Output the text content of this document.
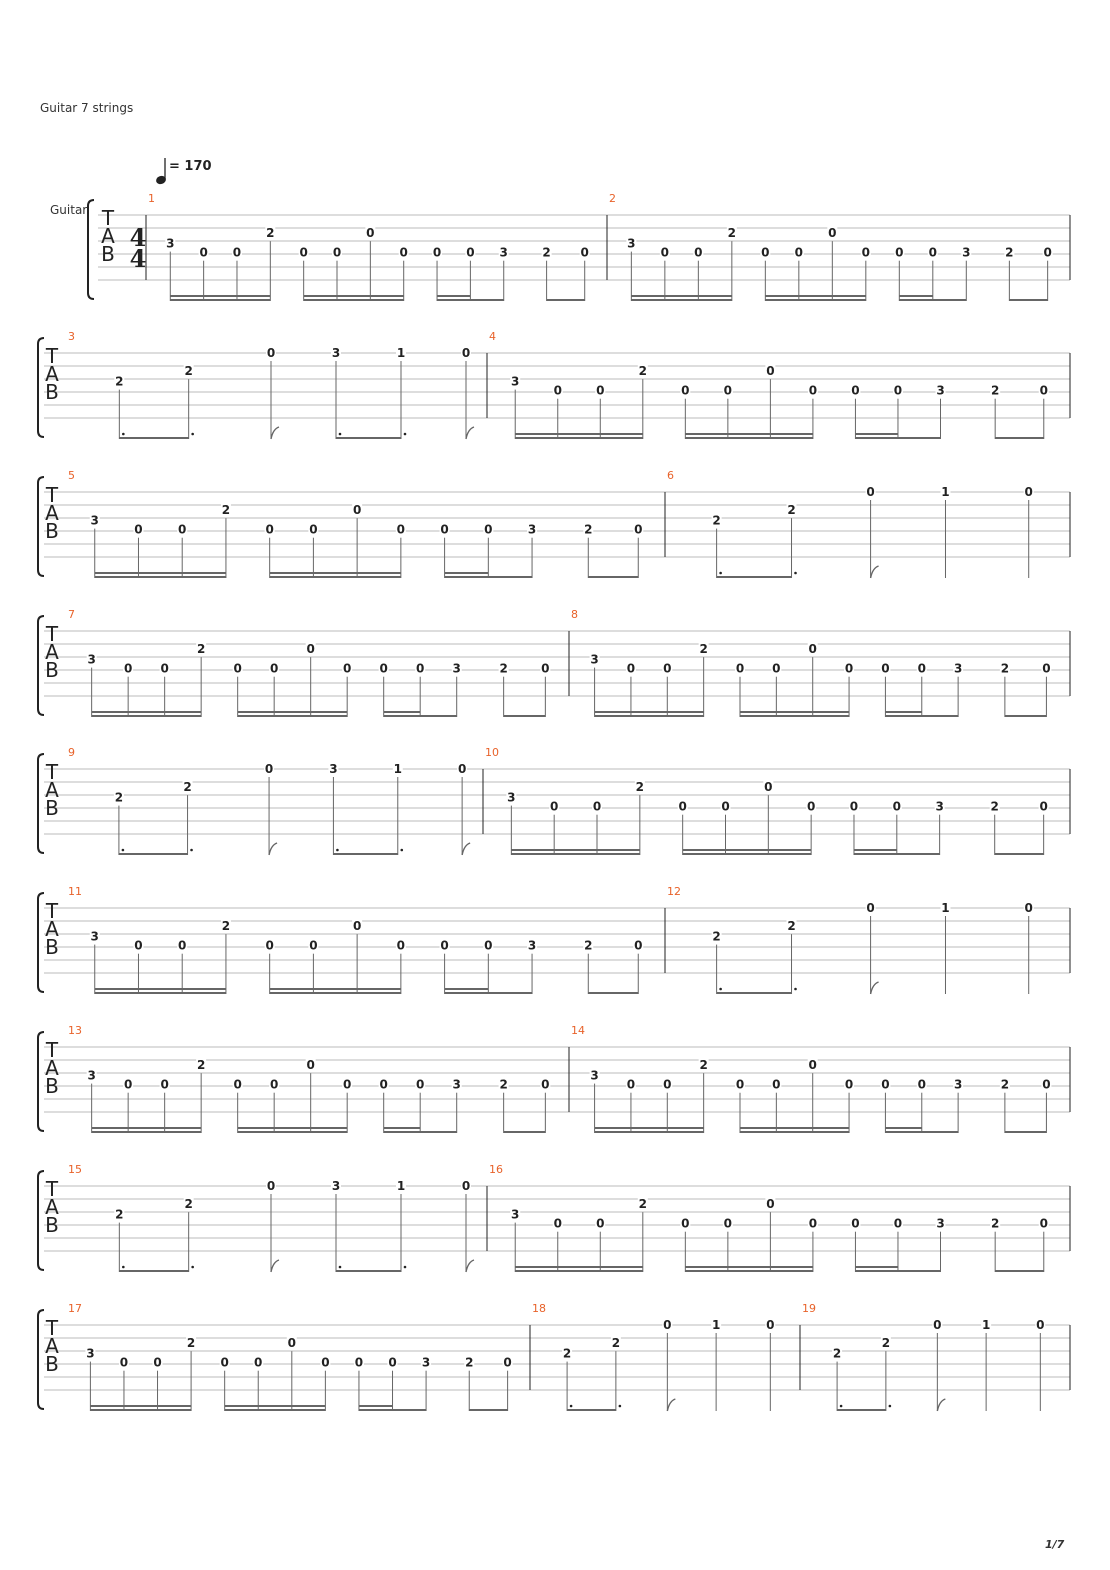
Guitar 7 strings
T
A
B
4
4
Guitar
= 170
1
3
0 0
2
0 0
0
0 0 0 3	2 0
2
3
0 0
2
0 0
0
0 0 0 3	2 0
T
A
B
3
2
2
0	3	1	0
4
3
0	0
2
0	0
0
0	0	0	3	2	0
T
A
B
5
3
0	0
2
0	0
0
0	0	0	3	2	0
6
2
2
0	1	0
T
A
B
7
3
0 0
2
0 0
0
0 0 0 3	2	0
8
3
0 0
2
0 0
0
0 0 0 3	2	0
T
A
B
9
2
2
0	3	1	0
10
3
0	0
2
0	0
0
0	0	0	3	2	0
T
A
B
11
3
0	0
2
0	0
0
0	0	0	3	2	0
12
2
2
0	1	0
T
A
B
13
3
0 0
2
0 0
0
0 0 0 3	2	0
14
3
0 0
2
0 0
0
0 0 0 3	2	0
T
A
B
15
2
2
0	3	1	0
16
3
0	0
2
0	0
0
0	0	0	3	2	0
T
A
B
17
3
0 0
2
0 0
0
0 0 0 3	2	0
18
2
2
0	1	0
19
2
2
0	1	0
1/7
